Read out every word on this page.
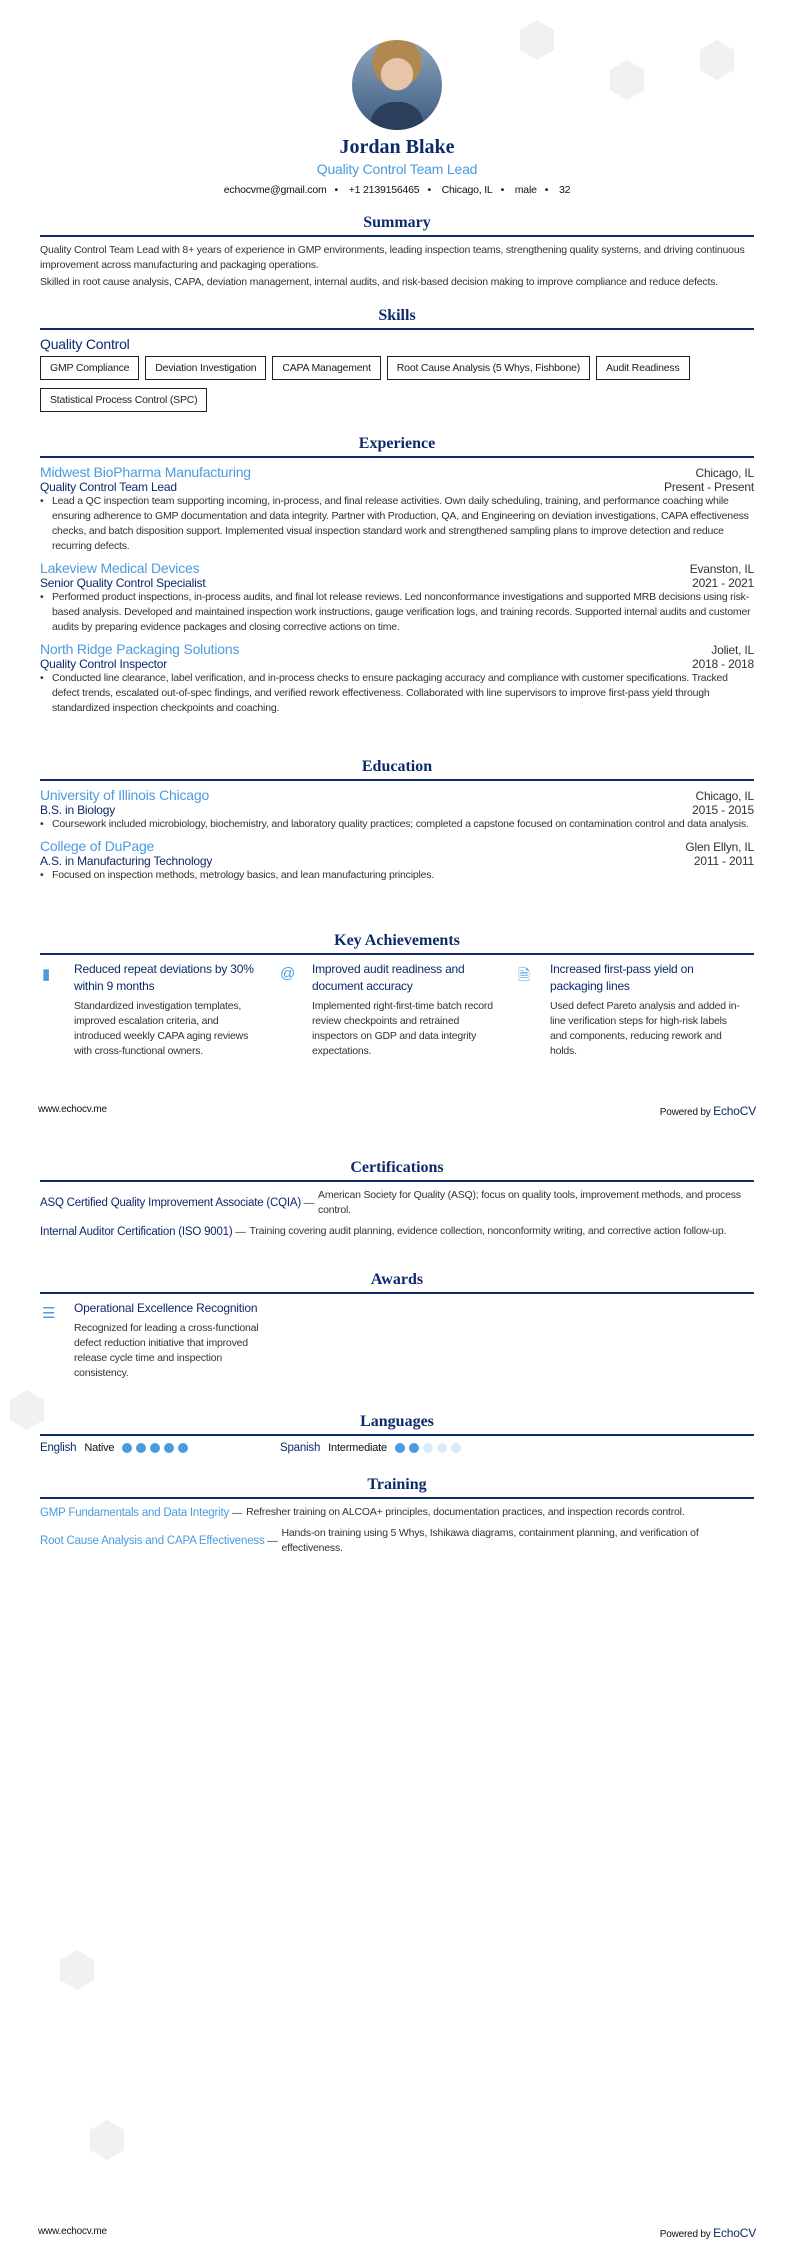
Jordan Blake
Quality Control Team Lead
echocvme@gmail.com • +1 2139156465 • Chicago, IL • male • 32
Summary

Quality Control Team Lead with 8+ years of experience in GMP environments, leading inspection teams, strengthening quality systems, and driving continuous improvement across manufacturing and packaging operations.

Skilled in root cause analysis, CAPA, deviation management, internal audits, and risk-based decision making to improve compliance and reduce defects.

Skills
Quality Control
GMP Compliance	Deviation Investigation	CAPA Management	Root Cause Analysis (5 Whys, Fishbone)	Audit Readiness
Statistical Process Control (SPC)
Experience
Midwest BioPharma Manufacturing	Chicago, IL
Quality Control Team Lead	Present - Present
• Lead a QC inspection team supporting incoming, in-process, and final release activities. Own daily scheduling, training, and performance coaching while ensuring adherence to GMP documentation and data integrity. Partner with Production, QA, and Engineering on deviation investigations, CAPA effectiveness checks, and batch disposition support. Implemented visual inspection standard work and strengthened sampling plans to improve detection and reduce recurring defects.
Lakeview Medical Devices	Evanston, IL
Senior Quality Control Specialist	2021 - 2021
• Performed product inspections, in-process audits, and final lot release reviews. Led nonconformance investigations and supported MRB decisions using risk-based analysis. Developed and maintained inspection work instructions, gauge verification logs, and training records. Supported internal audits and customer audits by preparing evidence packages and closing corrective actions on time.
North Ridge Packaging Solutions	Joliet, IL
Quality Control Inspector	2018 - 2018
• Conducted line clearance, label verification, and in-process checks to ensure packaging accuracy and compliance with customer specifications. Tracked defect trends, escalated out-of-spec findings, and verified rework effectiveness. Collaborated with line supervisors to improve first-pass yield through standardized inspection checkpoints and coaching.
Education
University of Illinois Chicago	Chicago, IL
B.S. in Biology	2015 - 2015
• Coursework included microbiology, biochemistry, and laboratory quality practices; completed a capstone focused on contamination control and data analysis.
College of DuPage	Glen Ellyn, IL
A.S. in Manufacturing Technology	2011 - 2011
• Focused on inspection methods, metrology basics, and lean manufacturing principles.
Key Achievements
▮	Reduced repeat deviations by 30% within 9 months

Standardized investigation templates, improved escalation criteria, and introduced weekly CAPA aging reviews with cross-functional owners.

@	Improved audit readiness and document accuracy

Implemented right-first-time batch record review checkpoints and retrained inspectors on GDP and data integrity expectations.

🗎	Increased first-pass yield on packaging lines

Used defect Pareto analysis and added in-line verification steps for high-risk labels and components, reducing rework and holds.

www.echocv.me	Powered by EchoCV
Certifications
ASQ Certified Quality Improvement Associate (CQIA) —
American Society for Quality (ASQ); focus on quality tools, improvement methods, and process control.
Internal Auditor Certification (ISO 9001) — Training covering audit planning, evidence collection, nonconformity writing, and corrective action follow-up.
Awards
☰	Operational Excellence Recognition

Recognized for leading a cross-functional defect reduction initiative that improved release cycle time and inspection consistency.

Languages
English Native	Spanish Intermediate
Training
GMP Fundamentals and Data Integrity — Refresher training on ALCOA+ principles, documentation practices, and inspection records control.
Root Cause Analysis and CAPA Effectiveness —
Hands-on training using 5 Whys, Ishikawa diagrams, containment planning, and verification of effectiveness.
www.echocv.me	Powered by EchoCV
